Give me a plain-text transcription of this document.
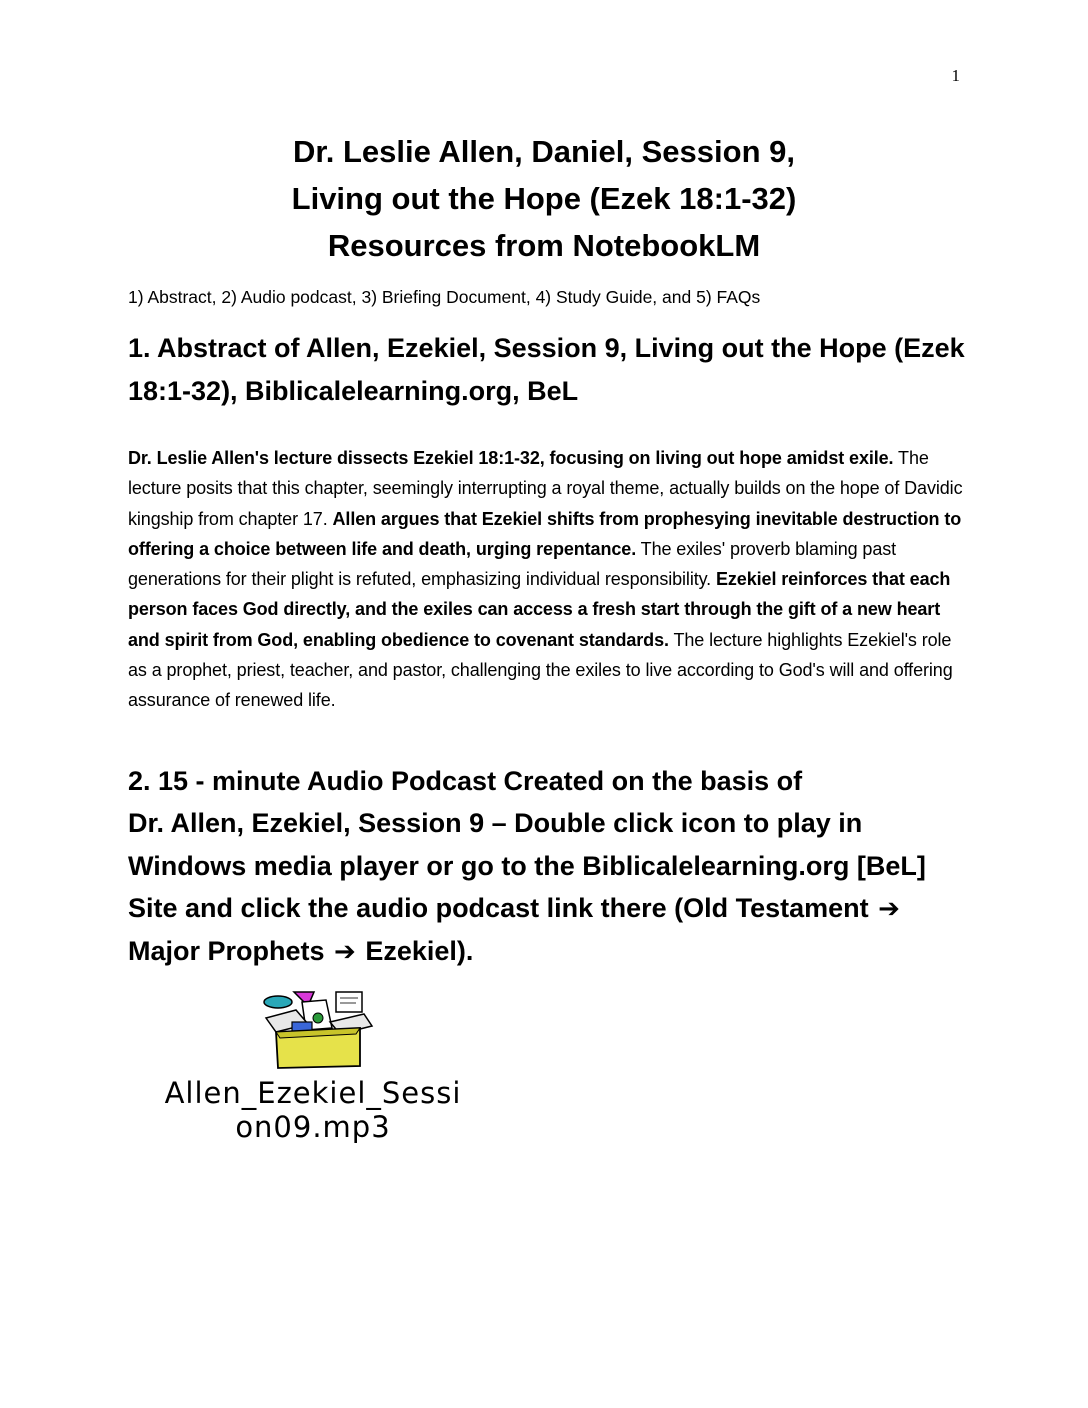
1
Dr. Leslie Allen, Daniel, Session 9,
Living out the Hope (Ezek 18:1-32)
Resources from NotebookLM
1) Abstract, 2) Audio podcast, 3) Briefing Document, 4) Study Guide, and 5) FAQs
1. Abstract of Allen, Ezekiel, Session 9, Living out the Hope (Ezek 18:1-32), Biblicalelearning.org, BeL
Dr. Leslie Allen's lecture dissects Ezekiel 18:1-32, focusing on living out hope amidst exile. The lecture posits that this chapter, seemingly interrupting a royal theme, actually builds on the hope of Davidic kingship from chapter 17. Allen argues that Ezekiel shifts from prophesying inevitable destruction to offering a choice between life and death, urging repentance. The exiles' proverb blaming past generations for their plight is refuted, emphasizing individual responsibility. Ezekiel reinforces that each person faces God directly, and the exiles can access a fresh start through the gift of a new heart and spirit from God, enabling obedience to covenant standards. The lecture highlights Ezekiel's role as a prophet, priest, teacher, and pastor, challenging the exiles to live according to God's will and offering assurance of renewed life.
2. 15 - minute Audio Podcast Created on the basis of
Dr. Allen, Ezekiel, Session 9 – Double click icon to play in
Windows media player or go to the Biblicalelearning.org [BeL]
Site and click the audio podcast link there (Old Testament ➔
Major Prophets ➔ Ezekiel).
Allen_Ezekiel_Sessi
on09.mp3
